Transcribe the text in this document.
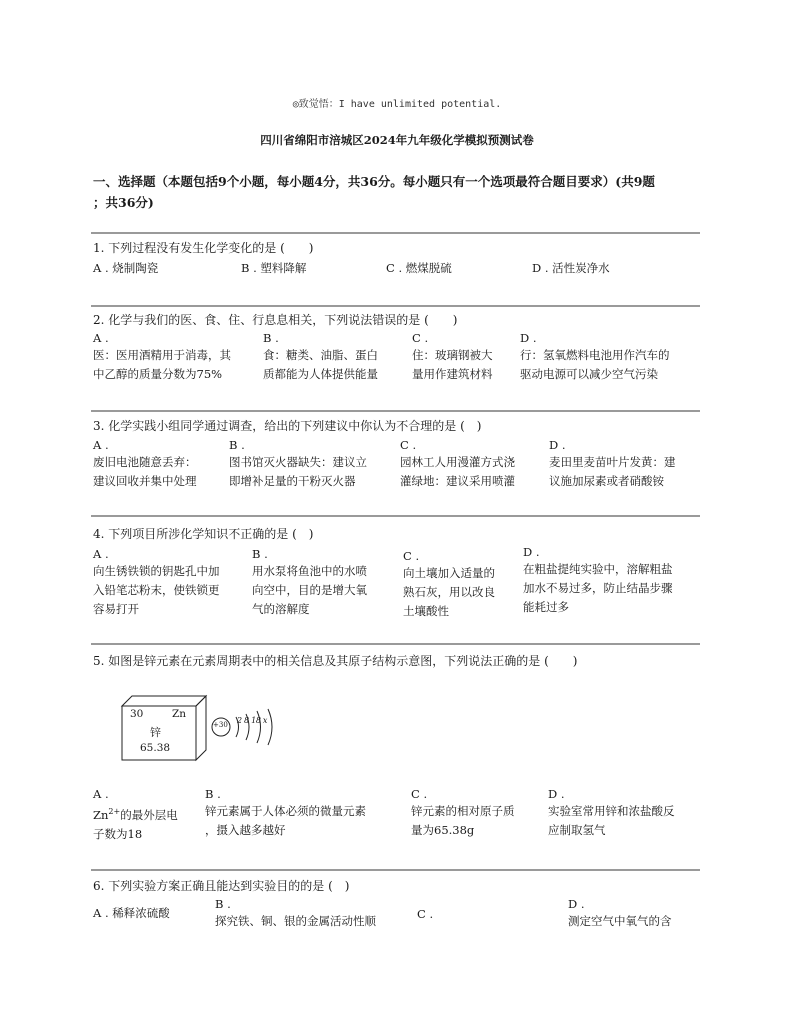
◎致觉悟：I have unlimited potential.
四川省绵阳市涪城区2024年九年级化学模拟预测试卷
一、选择题（本题包括9个小题，每小题4分，共36分。每小题只有一个选项最符合题目要求）(共9题
；共36分)
1. 下列过程没有发生化学变化的是 (　　)
A . 烧制陶瓷	B . 塑料降解	C . 燃煤脱硫	D . 活性炭净水
2. 化学与我们的医、食、住、行息息相关，下列说法错误的是 (　　)
A .
医：医用酒精用于消毒，其
中乙醇的质量分数为75%
B .
食：糖类、油脂、蛋白
质都能为人体提供能量
C .
住：玻璃钢被大
量用作建筑材料
D .
行：氢氧燃料电池用作汽车的
驱动电源可以减少空气污染
3. 化学实践小组同学通过调查，给出的下列建议中你认为不合理的是 (　)
A .
废旧电池随意丢弃：
建议回收并集中处理
B .
图书馆灭火器缺失：建议立
即增补足量的干粉灭火器
C .
园林工人用漫灌方式浇
灌绿地：建议采用喷灌
D .
麦田里麦苗叶片发黄：建
议施加尿素或者硝酸铵
4. 下列项目所涉化学知识不正确的是 (　)
A .
向生锈铁锁的钥匙孔中加
入铅笔芯粉末，使铁锁更
容易打开
B .
用水泵将鱼池中的水喷
向空中，目的是增大氧
气的溶解度
C .
向土壤加入适量的
熟石灰，用以改良
土壤酸性
D .
在粗盐提纯实验中，溶解粗盐
加水不易过多，防止结晶步骤
能耗过多
5. 如图是锌元素在元素周期表中的相关信息及其原子结构示意图，下列说法正确的是 (　　)
30	Zn
锌
65.38
+30 2 8 18 x
A .
$Zn^{2+}$的最外层电
子数为18
B .
锌元素属于人体必须的微量元素
，摄入越多越好
C .
锌元素的相对原子质
量为65.38g
D .
实验室常用锌和浓盐酸反
应制取氢气
6. 下列实验方案正确且能达到实验目的的是 (　)
A . 稀释浓硫酸
B .
探究铁、铜、银的金属活动性顺	C .
D .
测定空气中氧气的含
